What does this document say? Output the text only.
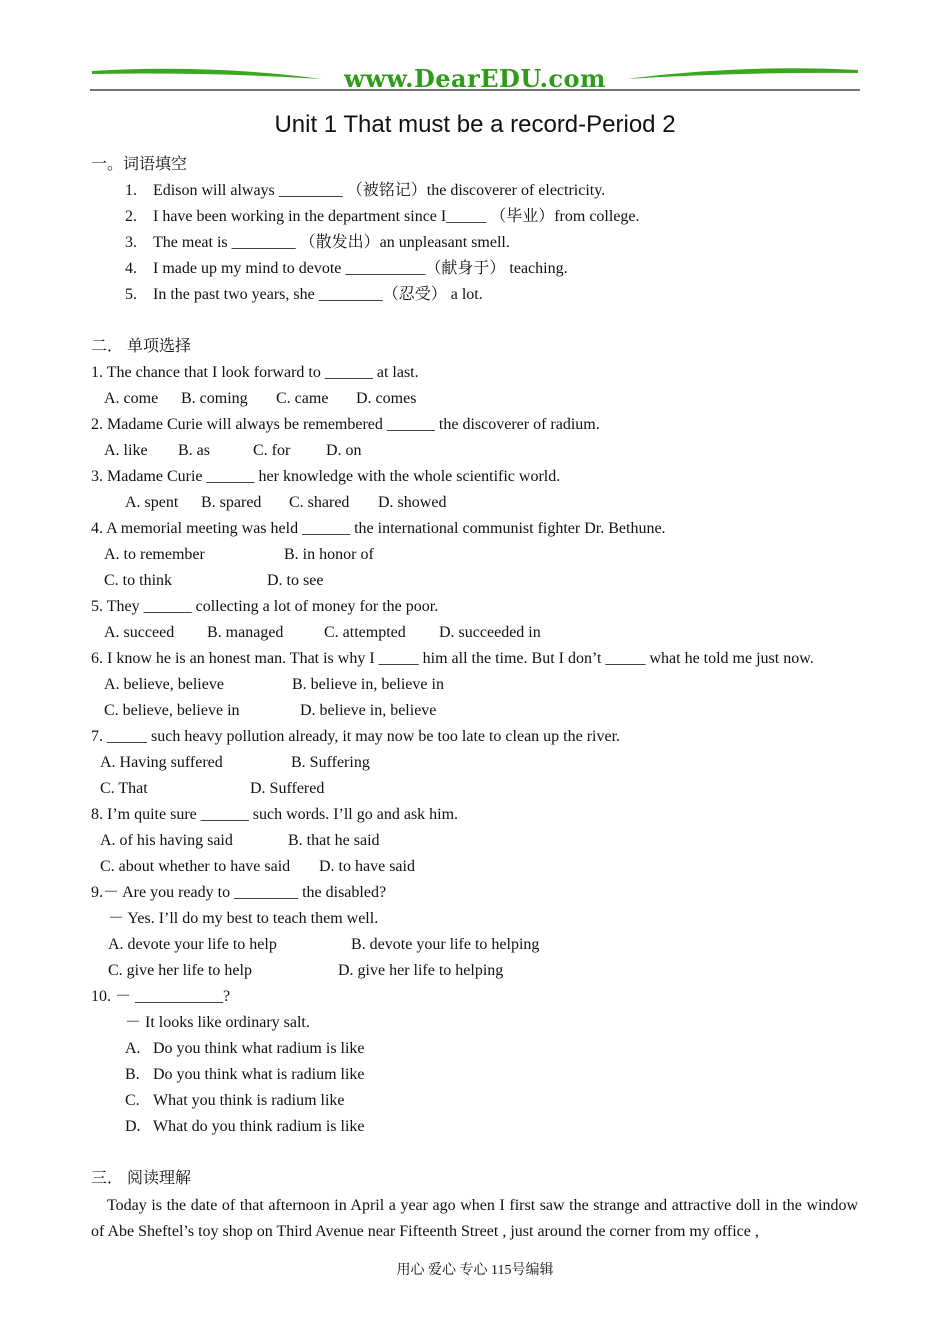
www.DearEDU.com
Unit 1 That must be a record-Period 2
一。词语填空
1. Edison will always ________ （被铭记）the discoverer of electricity.
2. I have been working in the department since I_____ （毕业）from college.
3. The meat is ________ （散发出）an unpleasant smell.
4. I made up my mind to devote __________（献身于） teaching.
5. In the past two years, she ________（忍受） a lot.
二． 单项选择
1. The chance that I look forward to ______ at last.
A. come B. coming C. came D. comes
2. Madame Curie will always be remembered ______ the discoverer of radium.
A. like B. as	C. for D. on
3. Madame Curie ______ her knowledge with the whole scientific world.
A. spent B. spared C. shared D. showed
4. A memorial meeting was held ______ the international communist fighter Dr. Bethune.
A. to remember	B. in honor of
C. to think	D. to see
5. They ______ collecting a lot of money for the poor.
A. succeed B. managed	C. attempted D. succeeded in
6. I know he is an honest man. That is why I _____ him all the time. But I don’t _____ what he told me just now.
A. believe, believe	B. believe in, believe in
C. believe, believe in	D. believe in, believe
7. _____ such heavy pollution already, it may now be too late to clean up the river.
A. Having suffered	B. Suffering
C. That	D. Suffered
8. I’m quite sure ______ such words. I’ll go and ask him.
A. of his having said	B. that he said
C. about whether to have said D. to have said
9.－ Are you ready to ________ the disabled?
－ Yes. I’ll do my best to teach them well.
A. devote your life to help	B. devote your life to helping
C. give her life to help	D. give her life to helping
10. － ___________?
－ It looks like ordinary salt.
A. Do you think what radium is like
B. Do you think what is radium like
C. What you think is radium like
D. What do you think radium is like
三． 阅读理解
Today is the date of that afternoon in April a year ago when I first saw the strange and attractive doll in the window of Abe Sheftel’s toy shop on Third Avenue near Fifteenth Street , just around the corner from my office ,
用心 爱心 专心 115号编辑
